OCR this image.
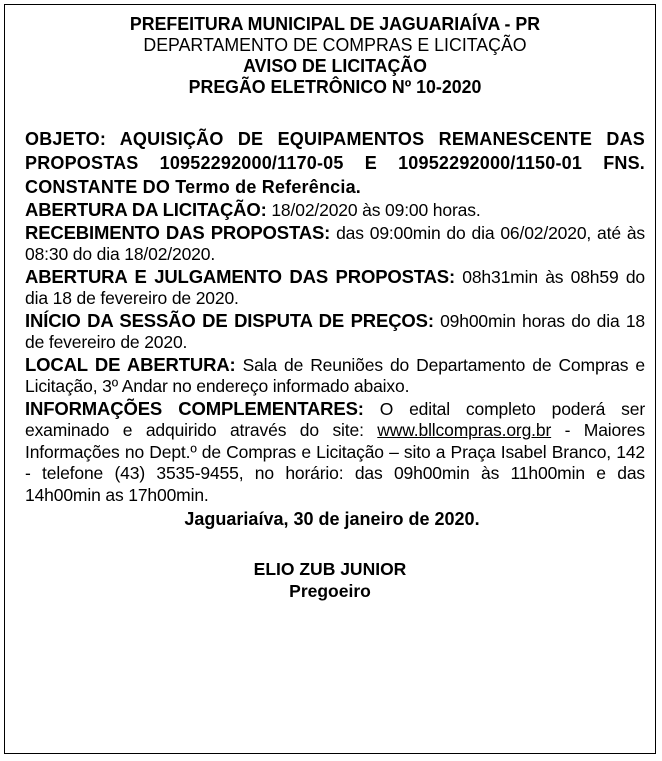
PREFEITURA MUNICIPAL DE JAGUARIAÍVA - PR
DEPARTAMENTO DE COMPRAS E LICITAÇÃO
AVISO DE LICITAÇÃO
PREGÃO ELETRÔNICO Nº 10-2020

OBJETO: AQUISIÇÃO DE EQUIPAMENTOS REMANESCENTE DAS PROPOSTAS 10952292000/1170-05 E 10952292000/1150-01 FNS. CONSTANTE DO Termo de Referência.

ABERTURA DA LICITAÇÃO: 18/02/2020 às 09:00 horas.

RECEBIMENTO DAS PROPOSTAS: das 09:00min do dia 06/02/2020, até às 08:30 do dia 18/02/2020.

ABERTURA E JULGAMENTO DAS PROPOSTAS: 08h31min às 08h59 do dia 18 de fevereiro de 2020.

INÍCIO DA SESSÃO DE DISPUTA DE PREÇOS: 09h00min horas do dia 18 de fevereiro de 2020.

LOCAL DE ABERTURA: Sala de Reuniões do Departamento de Compras e Licitação, 3º Andar no endereço informado abaixo.

INFORMAÇÕES COMPLEMENTARES: O edital completo poderá ser examinado e adquirido através do site: www.bllcompras.org.br - Maiores Informações no Dept.º de Compras e Licitação – sito a Praça Isabel Branco, 142 - telefone (43) 3535-9455, no horário: das 09h00min às 11h00min e das 14h00min as 17h00min.

Jaguariaíva, 30 de janeiro de 2020.
ELIO ZUB JUNIOR
Pregoeiro
